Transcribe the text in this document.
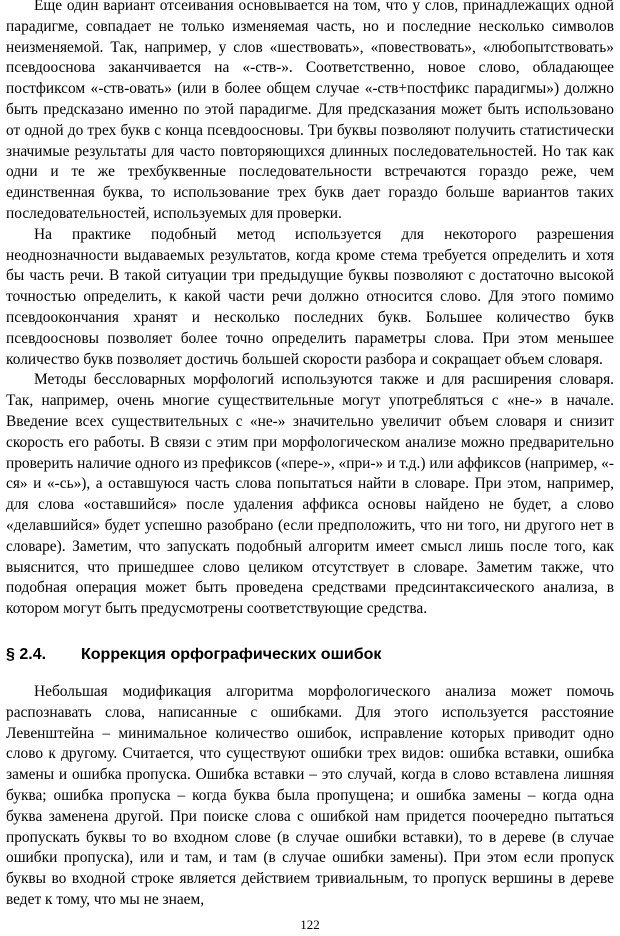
Еще один вариант отсеивания основывается на том, что у слов, принадлежащих одной парадигме, совпадает не только изменяемая часть, но и последние несколько символов неизменяемой. Так, например, у слов «шествовать», «повествовать», «любопытствовать» псевдооснова заканчивается на «-ств-». Соответственно, новое слово, обладающее постфиксом «-ств-овать» (или в более общем случае «-ств+постфикс парадигмы») должно быть предсказано именно по этой парадигме. Для предсказания может быть использовано от одной до трех букв с конца псевдоосновы. Три буквы позволяют получить статистически значимые результаты для часто повторяющихся длинных последовательностей. Но так как одни и те же трехбуквенные последовательности встречаются гораздо реже, чем единственная буква, то использование трех букв дает гораздо больше вариантов таких последовательностей, используемых для проверки.

На практике подобный метод используется для некоторого разрешения неоднозначности выдаваемых результатов, когда кроме стема требуется определить и хотя бы часть речи. В такой ситуации три предыдущие буквы позволяют с достаточно высокой точностью определить, к какой части речи должно относится слово. Для этого помимо псевдоокончания хранят и несколько последних букв. Большее количество букв псевдоосновы позволяет более точно определить параметры слова. При этом меньшее количество букв позволяет достичь большей скорости разбора и сокращает объем словаря.

Методы бессловарных морфологий используются также и для расширения словаря. Так, например, очень многие существительные могут употребляться с «не-» в начале. Введение всех существительных с «не-» значительно увеличит объем словаря и снизит скорость его работы. В связи с этим при морфологическом анализе можно предварительно проверить наличие одного из префиксов («пере-», «при-» и т.д.) или аффиксов (например, «-ся» и «-сь»), а оставшуюся часть слова попытаться найти в словаре. При этом, например, для слова «оставшийся» после удаления аффикса основы найдено не будет, а слово «делавшийся» будет успешно разобрано (если предположить, что ни того, ни другого нет в словаре). Заметим, что запускать подобный алгоритм имеет смысл лишь после того, как выяснится, что пришедшее слово целиком отсутствует в словаре. Заметим также, что подобная операция может быть проведена средствами предсинтаксического анализа, в котором могут быть предусмотрены соответствующие средства.

§ 2.4. Коррекция орфографических ошибок

Небольшая модификация алгоритма морфологического анализа может помочь распознавать слова, написанные с ошибками. Для этого используется расстояние Левенштейна – минимальное количество ошибок, исправление которых приводит одно слово к другому. Считается, что существуют ошибки трех видов: ошибка вставки, ошибка замены и ошибка пропуска. Ошибка вставки – это случай, когда в слово вставлена лишняя буква; ошибка пропуска – когда буква была пропущена; и ошибка замены – когда одна буква заменена другой. При поиске слова с ошибкой нам придется поочередно пытаться пропускать буквы то во входном слове (в случае ошибки вставки), то в дереве (в случае ошибки пропуска), или и там, и там (в случае ошибки замены). При этом если пропуск буквы во входной строке является действием тривиальным, то пропуск вершины в дереве ведет к тому, что мы не знаем,

122
